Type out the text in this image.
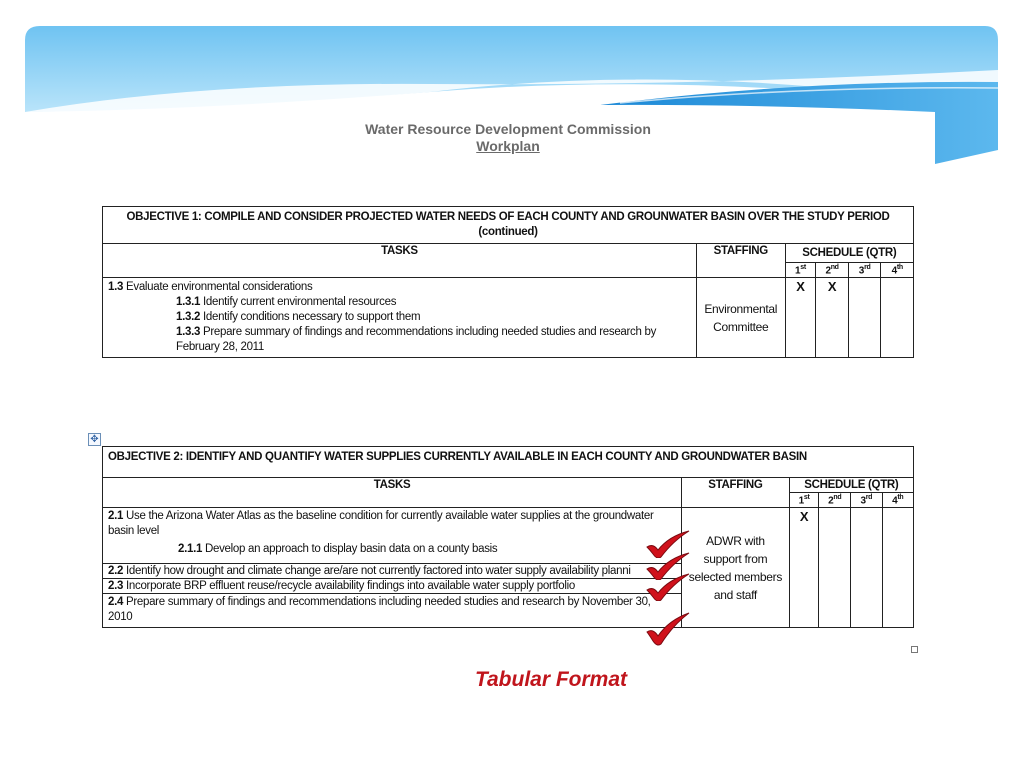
Water Resource Development Commission
Workplan
OBJECTIVE 1: COMPILE AND CONSIDER PROJECTED WATER NEEDS OF EACH COUNTY AND GROUNWATER BASIN OVER THE STUDY PERIOD
(continued)					

TASKS	STAFFING	SCHEDULE (QTR)			
		1st	2nd	3rd	4th

1.3 Evaluate environmental considerations
1.3.1 Identify current environmental resources
1.3.2 Identify conditions necessary to support them
1.3.3 Prepare summary of findings and recommendations including needed studies and research by
February 28, 2011	Environmental Committee	X	X		
✥
OBJECTIVE 2: IDENTIFY AND QUANTIFY WATER SUPPLIES CURRENTLY AVAILABLE IN EACH COUNTY AND GROUNDWATER BASIN					
TASKS	STAFFING	SCHEDULE (QTR)			
		1st	2nd	3rd	4th

2.1 Use the Arizona Water Atlas as the baseline condition for currently available water supplies at the groundwater
basin level
2.1.1 Develop an approach to display basin data on a county basis	ADWR with support from selected members and staff	X			
2.2 Identify how drought and climate change are/are not currently factored into water supply availability planni					
2.3 Incorporate BRP effluent reuse/recycle availability findings into available water supply portfolio					

2.4 Prepare summary of findings and recommendations including needed studies and research by November 30,
2010					
Tabular Format
